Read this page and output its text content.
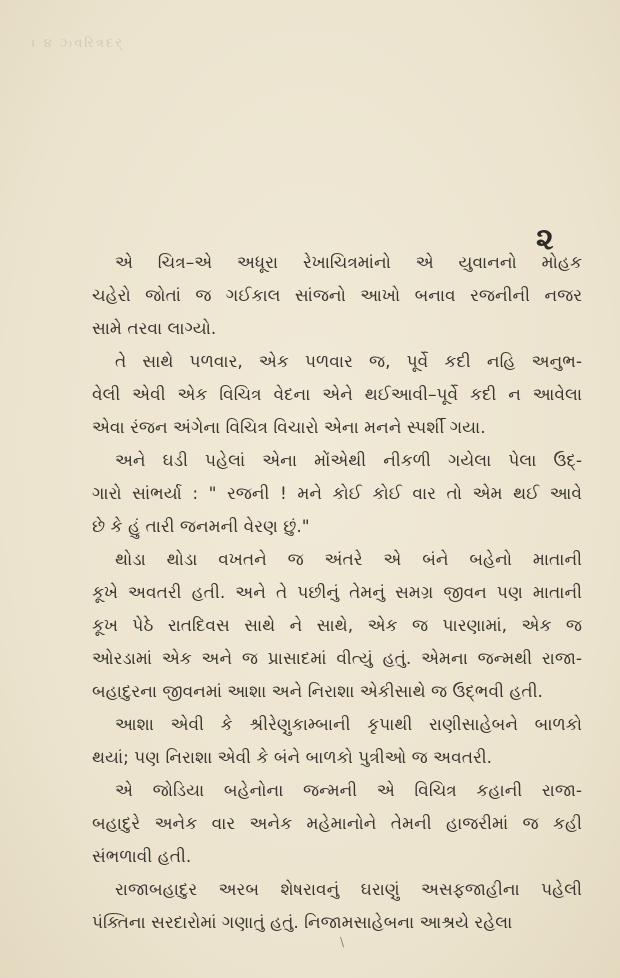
। ૪ ઝ્વરિત્રદર્
૨
એ ચિત્ર–એ અધૂરા રેખાચિત્રમાંનો એ યુવાનનો મોહક
ચહેરો જોતાં જ ગઈકાલ સાંજનો આખો બનાવ રજનીની નજર
સામે તરવા લાગ્યો.
તે સાથે પળવાર, એક પળવાર જ, પૂર્વે કદી નહિ અનુભ-
વેલી એવી એક વિચિત્ર વેદના એને થઈઆવી–પૂર્વે કદી ન આવેલા
એવા રંજન અંગેના વિચિત્ર વિચારો એના મનને સ્પર્શી ગયા.
અને ઘડી પહેલાં એના મોંએથી નીકળી ગયેલા પેલા ઉદ્-
ગારો સાંભર્યા : " રજની ! મને કોઈ કોઈ વાર તો એમ થઈ આવે
છે કે હું તારી જનમની વેરણ છું."
થોડા થોડા વખતને જ અંતરે એ બંને બહેનો માતાની
કૂખે અવતરી હતી. અને તે પછીનું તેમનું સમગ્ર જીવન પણ માતાની
કૂખ પેઠે રાતદિવસ સાથે ને સાથે, એક જ પારણામાં, એક જ
ઓરડામાં એક અને જ પ્રાસાદમાં વીત્યું હતું. એમના જન્મથી રાજા-
બહાદુરના જીવનમાં આશા અને નિરાશા એકીસાથે જ ઉદ્ભવી હતી.
આશા એવી કે શ્રીરેણુકામ્બાની કૃપાથી રાણીસાહેબને બાળકો
થયાં; પણ નિરાશા એવી કે બંને બાળકો પુત્રીઓ જ અવતરી.
એ જોડિયા બહેનોના જન્મની એ વિચિત્ર કહાની રાજા-
બહાદુરે અનેક વાર અનેક મહેમાનોને તેમની હાજરીમાં જ કહી
સંભળાવી હતી.
રાજાબહાદુર અરબ શેષરાવનું ઘરાણું અસફજાહીના પહેલી
પંક્તિના સરદારોમાં ગણાતું હતું. નિજામસાહેબના આશ્રયે રહેલા
\
